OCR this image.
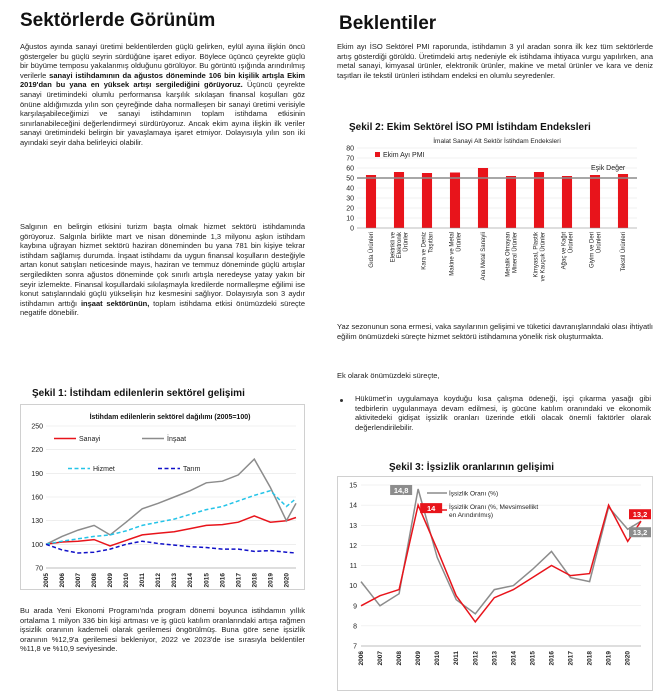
Sektörlerde Görünüm
Ağustos ayında sanayi üretimi beklentilerden güçlü gelirken, eylül ayına ilişkin öncü göstergeler bu güçlü seyrin sürdüğüne işaret ediyor. Böylece üçüncü çeyrekte güçlü bir büyüme temposu yakalanmış olduğunu görülüyor. Bu görüntü ışığında arındırılmış verilerle sanayi istihdamının da ağustos döneminde 106 bin kişilik artışla Ekim 2019'dan bu yana en yüksek artışı sergilediğini görüyoruz. Üçüncü çeyrekte sanayi üretimindeki olumlu performansa karşılık sıkılaşan finansal koşulları göz önüne aldığımızda yılın son çeyreğinde daha normalleşen bir sanayi üretimi verisiyle karşılaşabileceğimizi ve sanayi istihdamının toplam istihdama etkisinin sınırlanabileceğini değerlendirmeyi sürdürüyoruz. Ancak ekim ayına ilişkin ilk veriler sanayi üretimindeki belirgin bir yavaşlamaya işaret etmiyor. Dolayısıyla yılın son iki ayındaki seyir daha belirleyici olabilir.
Salgının en belirgin etkisini turizm başta olmak hizmet sektörü istihdamında görüyoruz. Salgınla birlikte mart ve nisan döneminde 1,3 milyonu aşkın istihdam kaybına uğrayan hizmet sektörü haziran döneminden bu yana 781 bin kişiye tekrar istihdam sağlamış durumda. İnşaat istihdamı da uygun finansal koşulların desteğiyle artan konut satışları neticesinde mayıs, haziran ve temmuz döneminde güçlü artışlar sergiledikten sonra ağustos döneminde çok sınırlı artışla neredeyse yatay yakın bir seyir izlemekte. Finansal koşullardaki sıkılaşmayla kredilerde normalleşme eğilimi ise konut satışlarındaki güçlü yükselişin hız kesmesini sağlıyor. Dolayısıyla son 3 aydır istihdamın arttığı inşaat sektörünün, toplam istihdama etkisi önümüzdeki süreçte negatife dönebilir.
Şekil 1: İstihdam edilenlerin sektörel gelişimi
İstihdam edilenlerin sektörel dağılımı (2005=100)
70
100
130
160
190
220
250
2005 2006 2007 2008 2009 2010 2011 2012 2013 2014 2015 2016 2017 2018 2019 2020
Sanayi	İnşaat
Hizmet	Tarım
Bu arada Yeni Ekonomi Programı'nda program dönemi boyunca istihdamın yıllık ortalama 1 milyon 336 bin kişi artması ve iş gücü katılım oranlarındaki artışa rağmen işsizlik oranının kademeli olarak gerilemesi öngörülmüş. Buna göre sene işsizlik oranının %12,9'a gerilemesi bekleniyor, 2022 ve 2023'de ise sırasıyla beklentiler %11,8 ve %10,9 seviyesinde.
Beklentiler
Ekim ayı İSO Sektörel PMI raporunda, istihdamın 3 yıl aradan sonra ilk kez tüm sektörlerde artış gösterdiği görüldü. Üretimdeki artış nedeniyle ek istihdama ihtiyaca vurgu yapılırken, ana metal sanayi, kimyasal ürünler, elektronik ürünler, makine ve metal ürünler ve kara ve deniz taşıtları ile tekstil ürünleri istihdam endeksi en olumlu seyredenler.
Şekil 2: Ekim Sektörel İSO PMI İstihdam Endeksleri
İmalat Sanayi Alt Sektör İstihdam Endeksleri
0
10
20
30
40
50
60
70
80
Eşik Değer
Ekim Ayı PMI
Gıda Ürünleri	Elektrikli veElektronikÜrünler Kara ve DenizTaşıtları	Makine ve MetalÜrünler	Ana Metal Sanayii	Metalik OlmayanMineral Ürünler	Kimyasal, Plastikve Kauçuk Ürünler	Ağaç ve KağıtÜrünleri	Giyim ve DeriÜrünleri	Tekstil Ürünleri
Yaz sezonunun sona ermesi, vaka sayılarının gelişimi ve tüketici davranışlarındaki olası ihtiyatlı eğilim önümüzdeki süreçte hizmet sektörü istihdamına yönelik risk oluşturmakta.
Ek olarak önümüzdeki süreçte,
Hükümet'in uygulamaya koyduğu kısa çalışma ödeneği, işçi çıkarma yasağı gibi tedbirlerin uygulanmaya devam edilmesi, iş gücüne katılım oranındaki ve ekonomik aktivitedeki gidişat işsizlik oranları üzerinde etkili olacak önemli faktörler olarak değerlendirilebilir.
Şekil 3: İşsizlik oranlarının gelişimi
7
8
9
10
11
12
13
14
15
2006 2007 2008 2009 2010 2011 2012 2013 2014 2015 2016 2017 2018 2019 2020
İşsizlik Oranı (%)
İşsizlik Oranı (%, Mevsimsellikt en Arındırılmış)
14,8
14
13,2
13,2
